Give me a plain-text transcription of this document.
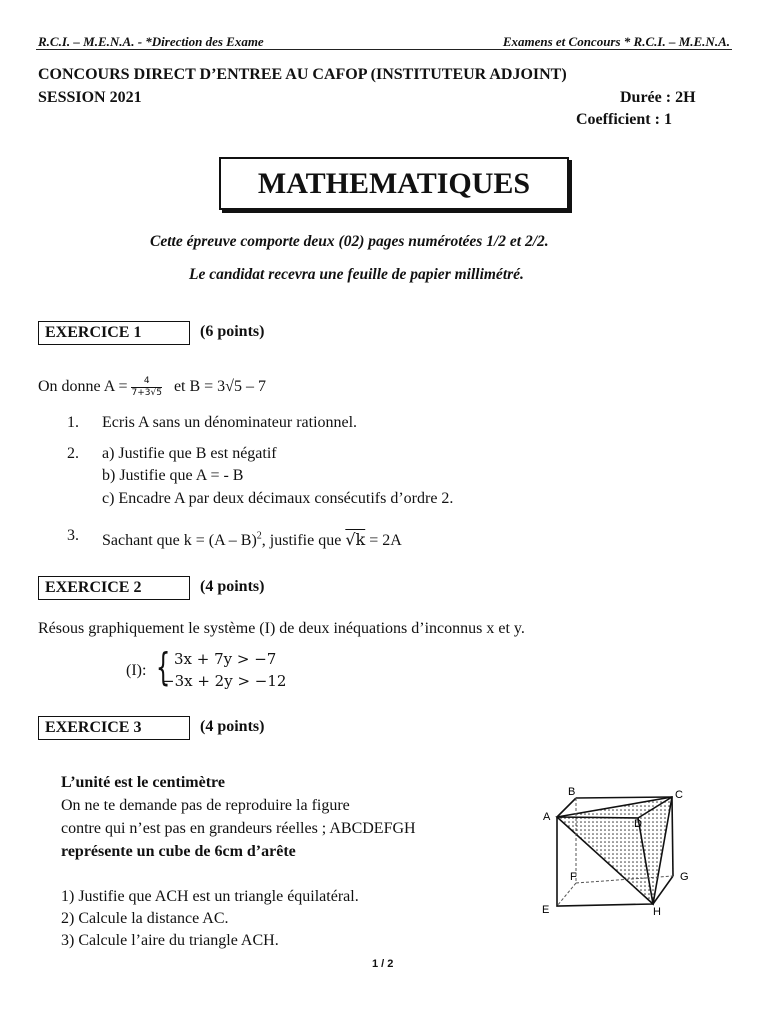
R.C.I. – M.E.N.A. - *Direction des Exame	Examens et Concours * R.C.I. – M.E.N.A.
CONCOURS DIRECT D’ENTREE AU CAFOP (INSTITUTEUR ADJOINT)
SESSION 2021	Durée : 2H
Coefficient : 1
MATHEMATIQUES
Cette épreuve comporte deux (02) pages numérotées 1/2 et 2/2.
Le candidat recevra une feuille de papier millimétré.
EXERCICE 1	(6 points)
On donne $A = \frac{4}{7+3√5}$ et B = 3√5 – 7
1. Ecris A sans un dénominateur rationnel.
2. a) Justifie que B est négatif
b) Justifie que A = - B
c) Encadre A par deux décimaux consécutifs d’ordre 2.
3. Sachant que k = (A – B)$^2$, justifie que √k = 2A
EXERCICE 2	(4 points)
Résous graphiquement le système (I) de deux inéquations d’inconnus x et y.
(I): { 3x + 7y > −7
−3x + 2y > −12
EXERCICE 3	(4 points)
L’unité est le centimètre
On ne te demande pas de reproduire la figure
contre qui n’est pas en grandeurs réelles ; ABCDEFGH
représente un cube de 6cm d’arête
1) Justifie que ACH est un triangle équilatéral.
2) Calcule la distance AC.
3) Calcule l’aire du triangle ACH.
A
B	C
D
E
F	G
H
1 / 2
